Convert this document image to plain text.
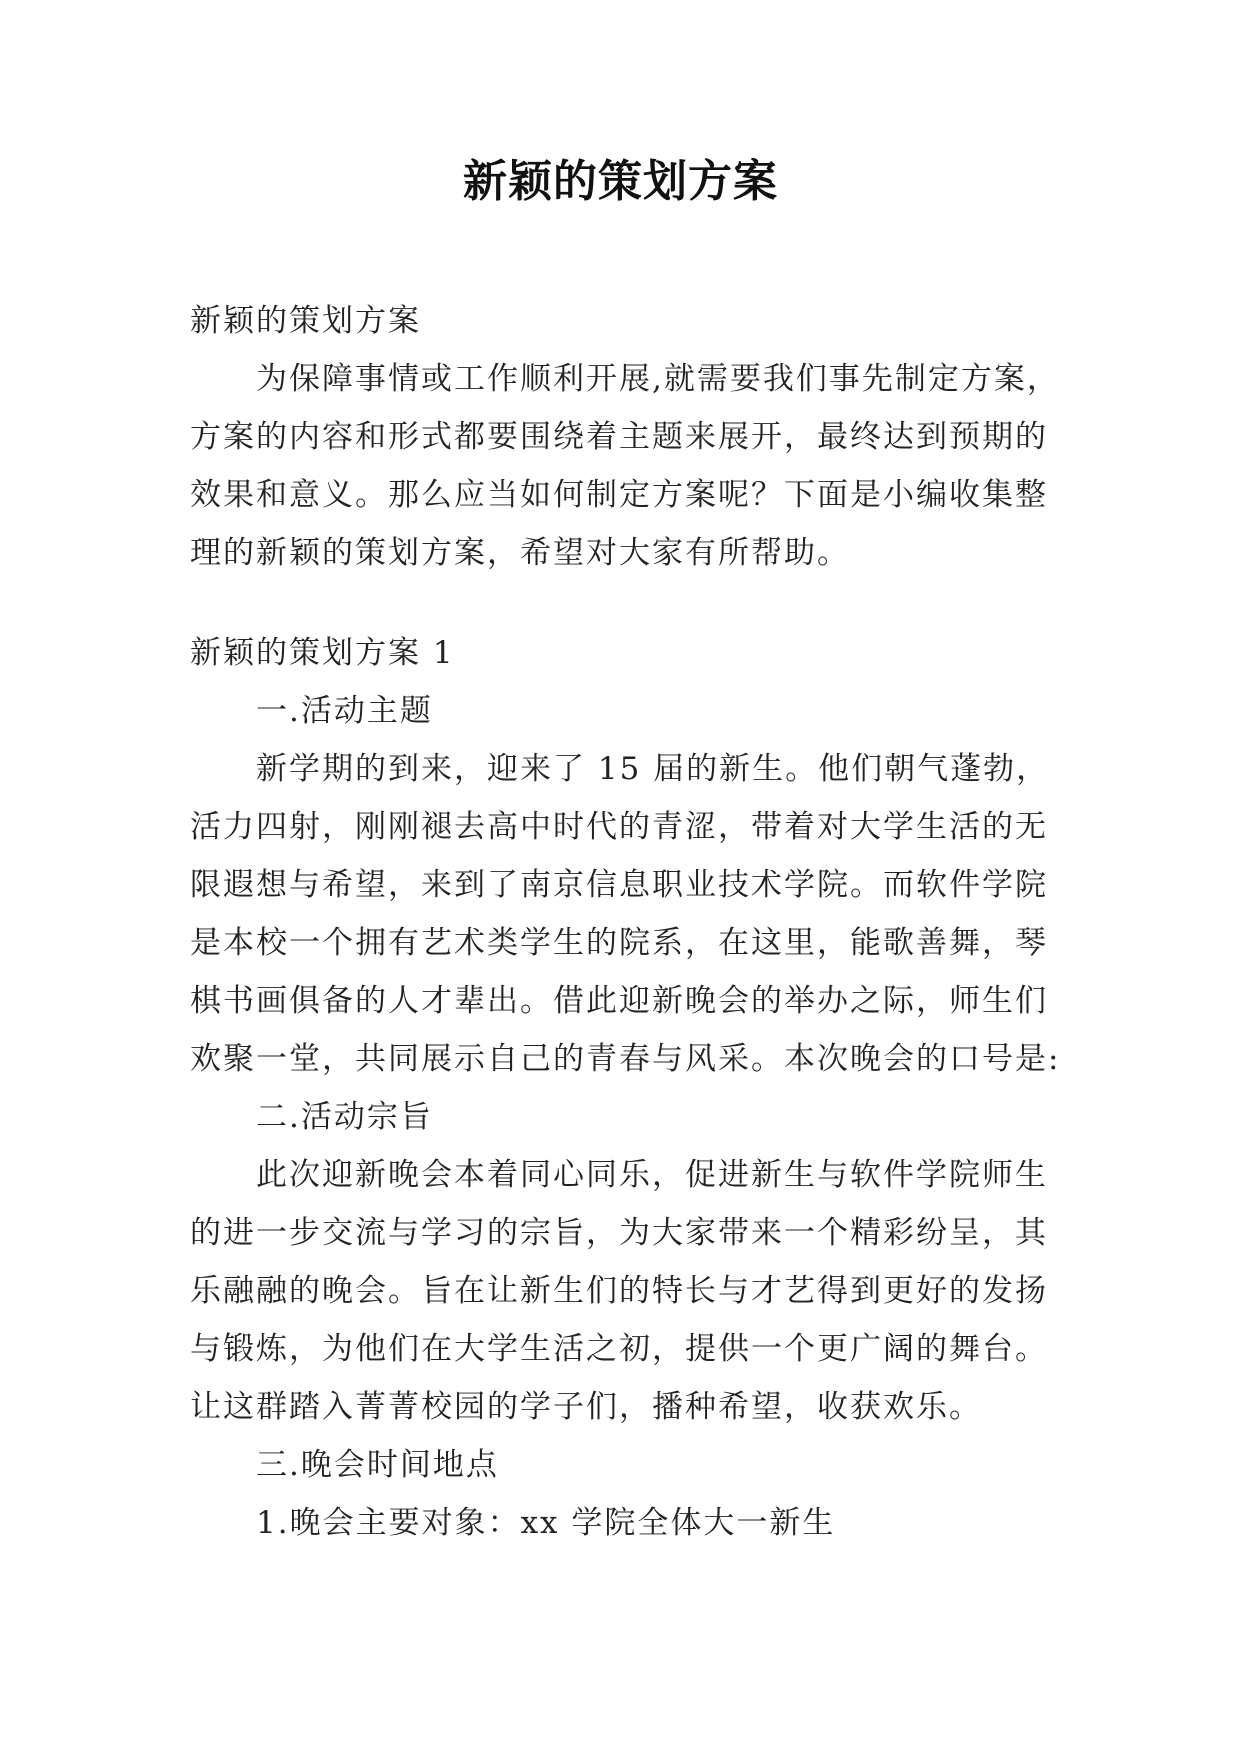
新颖的策划方案
新颖的策划方案
为保障事情或工作顺利开展,就需要我们事先制定方案，
方案的内容和形式都要围绕着主题来展开，最终达到预期的
效果和意义。那么应当如何制定方案呢？下面是小编收集整
理的新颖的策划方案，希望对大家有所帮助。
新颖的策划方案 1
一.活动主题
新学期的到来，迎来了 15 届的新生。他们朝气蓬勃，
活力四射，刚刚褪去高中时代的青涩，带着对大学生活的无
限遐想与希望，来到了南京信息职业技术学院。而软件学院
是本校一个拥有艺术类学生的院系，在这里，能歌善舞，琴
棋书画俱备的人才辈出。借此迎新晚会的举办之际，师生们
欢聚一堂，共同展示自己的青春与风采。本次晚会的口号是:
二.活动宗旨
此次迎新晚会本着同心同乐，促进新生与软件学院师生
的进一步交流与学习的宗旨，为大家带来一个精彩纷呈，其
乐融融的晚会。旨在让新生们的特长与才艺得到更好的发扬
与锻炼，为他们在大学生活之初，提供一个更广阔的舞台。
让这群踏入菁菁校园的学子们，播种希望，收获欢乐。
三.晚会时间地点
1.晚会主要对象：xx 学院全体大一新生
